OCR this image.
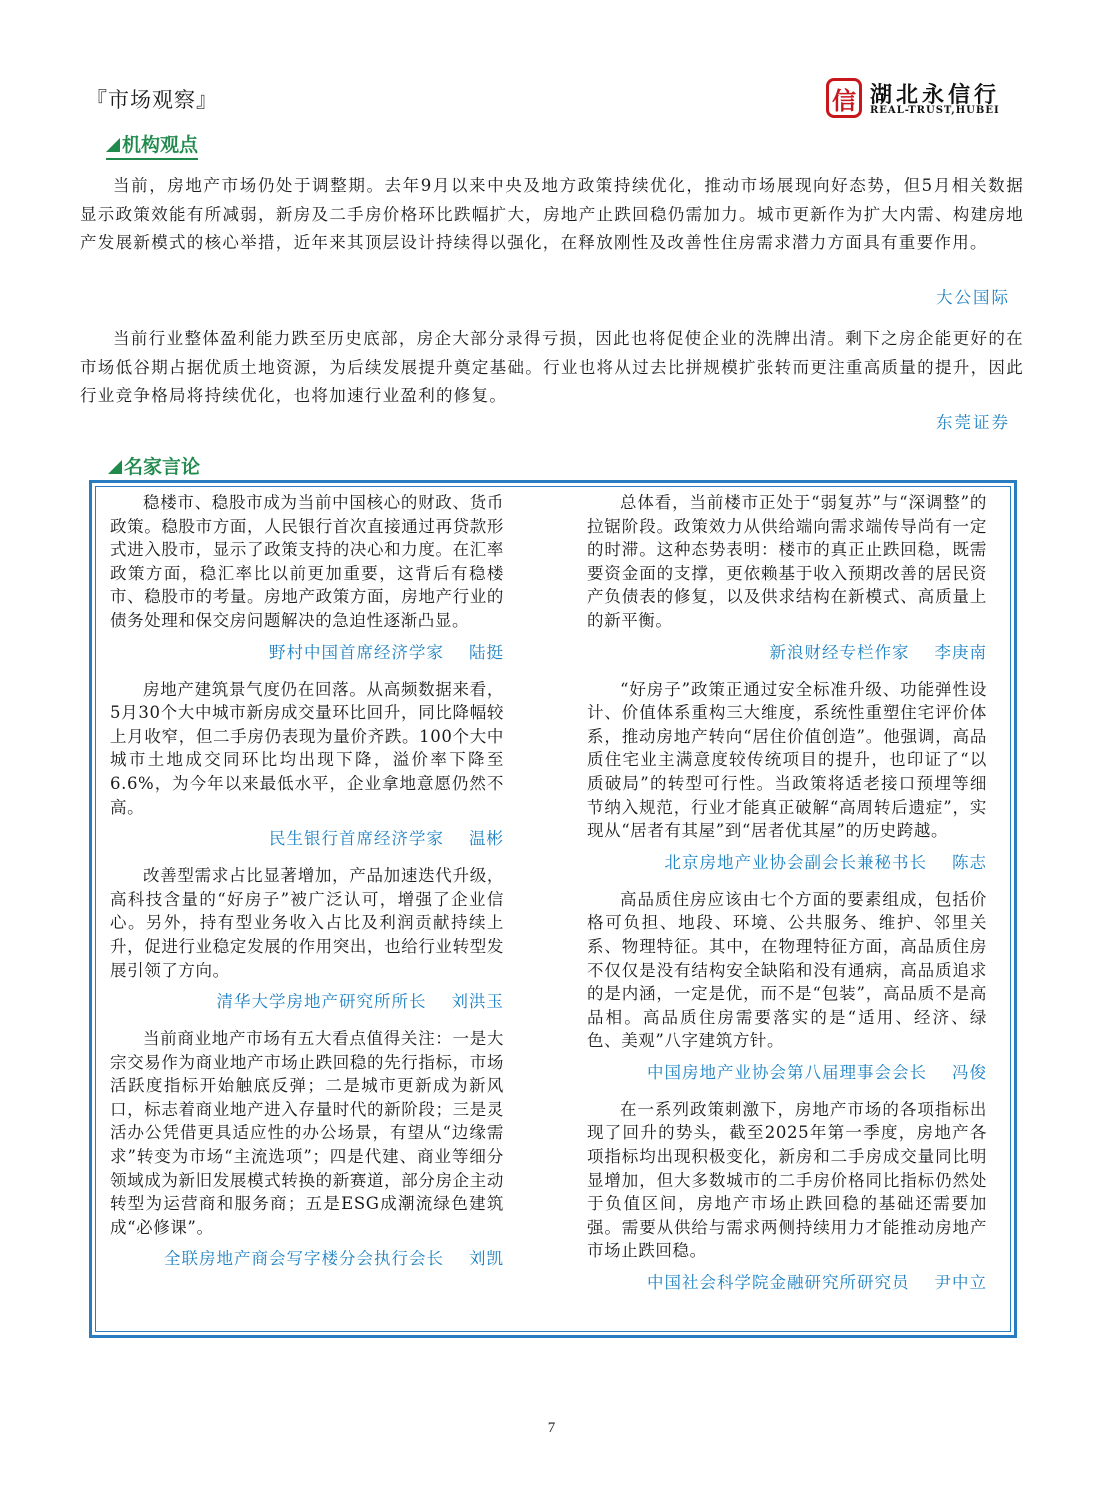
『市场观察』	信 湖北永信行
REAL-TRUST,HUBEI
机构观点

当前，房地产市场仍处于调整期。去年9月以来中央及地方政策持续优化，推动市场展现向好态势，但5月相关数据显示政策效能有所减弱，新房及二手房价格环比跌幅扩大，房地产止跌回稳仍需加力。城市更新作为扩大内需、构建房地产发展新模式的核心举措，近年来其顶层设计持续得以强化，在释放刚性及改善性住房需求潜力方面具有重要作用。

大公国际

当前行业整体盈利能力跌至历史底部，房企大部分录得亏损，因此也将促使企业的洗牌出清。剩下之房企能更好的在市场低谷期占据优质土地资源，为后续发展提升奠定基础。行业也将从过去比拼规模扩张转而更注重高质量的提升，因此行业竞争格局将持续优化，也将加速行业盈利的修复。

东莞证券
名家言论

稳楼市、稳股市成为当前中国核心的财政、货币政策。稳股市方面，人民银行首次直接通过再贷款形式进入股市，显示了政策支持的决心和力度。在汇率政策方面，稳汇率比以前更加重要，这背后有稳楼市、稳股市的考量。房地产政策方面，房地产行业的债务处理和保交房问题解决的急迫性逐渐凸显。

野村中国首席经济学家    陆挺

房地产建筑景气度仍在回落。从高频数据来看，5月30个大中城市新房成交量环比回升，同比降幅较上月收窄，但二手房仍表现为量价齐跌。100个大中城市土地成交同环比均出现下降，溢价率下降至6.6%，为今年以来最低水平，企业拿地意愿仍然不高。

民生银行首席经济学家    温彬

改善型需求占比显著增加，产品加速迭代升级，高科技含量的“好房子”被广泛认可，增强了企业信心。另外，持有型业务收入占比及利润贡献持续上升，促进行业稳定发展的作用突出，也给行业转型发展引领了方向。

清华大学房地产研究所所长    刘洪玉

当前商业地产市场有五大看点值得关注：一是大宗交易作为商业地产市场止跌回稳的先行指标，市场活跃度指标开始触底反弹；二是城市更新成为新风口，标志着商业地产进入存量时代的新阶段；三是灵活办公凭借更具适应性的办公场景，有望从“边缘需求”转变为市场“主流选项”；四是代建、商业等细分领域成为新旧发展模式转换的新赛道，部分房企主动转型为运营商和服务商；五是ESG成潮流绿色建筑成“必修课”。

全联房地产商会写字楼分会执行会长    刘凯

总体看，当前楼市正处于“弱复苏”与“深调整”的拉锯阶段。政策效力从供给端向需求端传导尚有一定的时滞。这种态势表明：楼市的真正止跌回稳，既需要资金面的支撑，更依赖基于收入预期改善的居民资产负债表的修复，以及供求结构在新模式、高质量上的新平衡。

新浪财经专栏作家    李庚南

“好房子”政策正通过安全标准升级、功能弹性设计、价值体系重构三大维度，系统性重塑住宅评价体系，推动房地产转向“居住价值创造”。他强调，高品质住宅业主满意度较传统项目的提升，也印证了“以质破局”的转型可行性。当政策将适老接口预埋等细节纳入规范，行业才能真正破解“高周转后遗症”，实现从“居者有其屋”到“居者优其屋”的历史跨越。

北京房地产业协会副会长兼秘书长    陈志

高品质住房应该由七个方面的要素组成，包括价格可负担、地段、环境、公共服务、维护、邻里关系、物理特征。其中，在物理特征方面，高品质住房不仅仅是没有结构安全缺陷和没有通病，高品质追求的是内涵，一定是优，而不是“包装”，高品质不是高品相。高品质住房需要落实的是“适用、经济、绿色、美观”八字建筑方针。

中国房地产业协会第八届理事会会长    冯俊

在一系列政策刺激下，房地产市场的各项指标出现了回升的势头，截至2025年第一季度，房地产各项指标均出现积极变化，新房和二手房成交量同比明显增加，但大多数城市的二手房价格同比指标仍然处于负值区间，房地产市场止跌回稳的基础还需要加强。需要从供给与需求两侧持续用力才能推动房地产市场止跌回稳。

中国社会科学院金融研究所研究员    尹中立
7
